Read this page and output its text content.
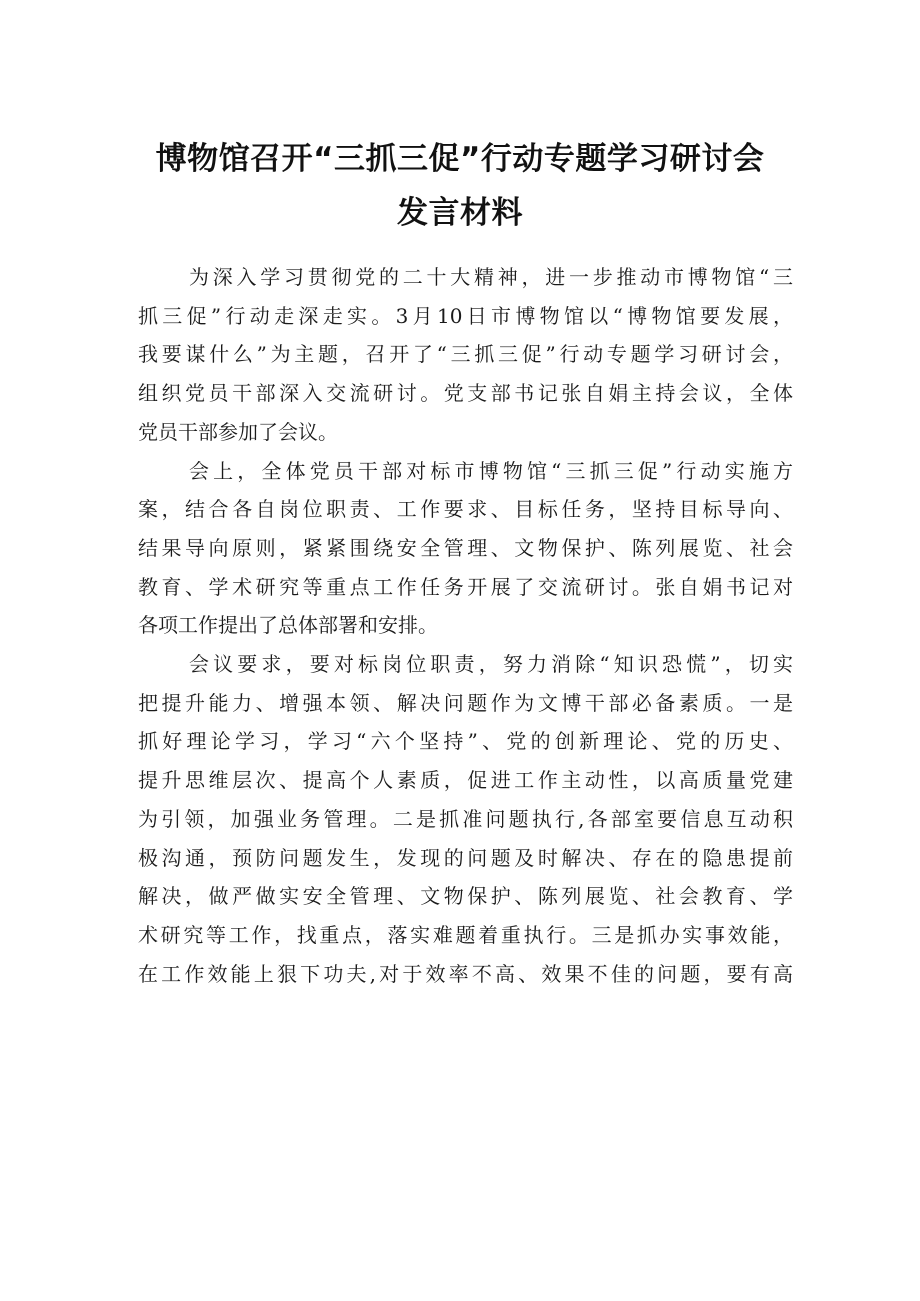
博物馆召开“三抓三促”行动专题学习研讨会
发言材料
为深入学习贯彻党的二十大精神，进一步推动市博物馆“三
抓三促”行动走深走实。3月10日市博物馆以“博物馆要发展，
我要谋什么”为主题，召开了“三抓三促”行动专题学习研讨会，
组织党员干部深入交流研讨。党支部书记张自娟主持会议，全体
党员干部参加了会议。
会上，全体党员干部对标市博物馆“三抓三促”行动实施方
案，结合各自岗位职责、工作要求、目标任务，坚持目标导向、
结果导向原则，紧紧围绕安全管理、文物保护、陈列展览、社会
教育、学术研究等重点工作任务开展了交流研讨。张自娟书记对
各项工作提出了总体部署和安排。
会议要求，要对标岗位职责，努力消除“知识恐慌”，切实
把提升能力、增强本领、解决问题作为文博干部必备素质。一是
抓好理论学习，学习“六个坚持”、党的创新理论、党的历史、
提升思维层次、提高个人素质，促进工作主动性，以高质量党建
为引领，加强业务管理。二是抓准问题执行,各部室要信息互动积
极沟通，预防问题发生，发现的问题及时解决、存在的隐患提前
解决，做严做实安全管理、文物保护、陈列展览、社会教育、学
术研究等工作，找重点，落实难题着重执行。三是抓办实事效能，
在工作效能上狠下功夫,对于效率不高、效果不佳的问题，要有高
